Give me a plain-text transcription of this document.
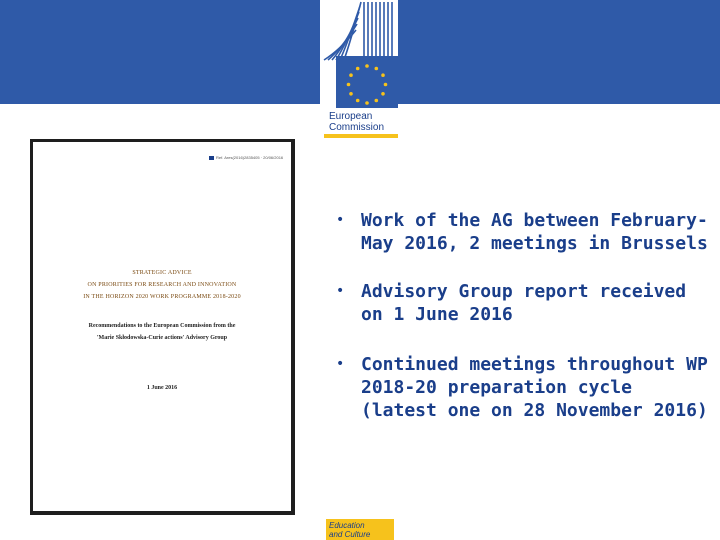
European
Commission
Ref. Ares(2016)2835405 · 20/06/2016
STRATEGIC ADVICE
ON PRIORITIES FOR RESEARCH AND INNOVATION
IN THE HORIZON 2020 WORK PROGRAMME 2018-2020
Recommendations to the European Commission from the
'Marie Skłodowska-Curie actions' Advisory Group
1 June 2016
• Work of the AG between February-May 2016, 2 meetings in Brussels
• Advisory Group report received on 1 June 2016
• Continued meetings throughout WP 2018-20 preparation cycle (latest one on 28 November 2016)
Education
and Culture
